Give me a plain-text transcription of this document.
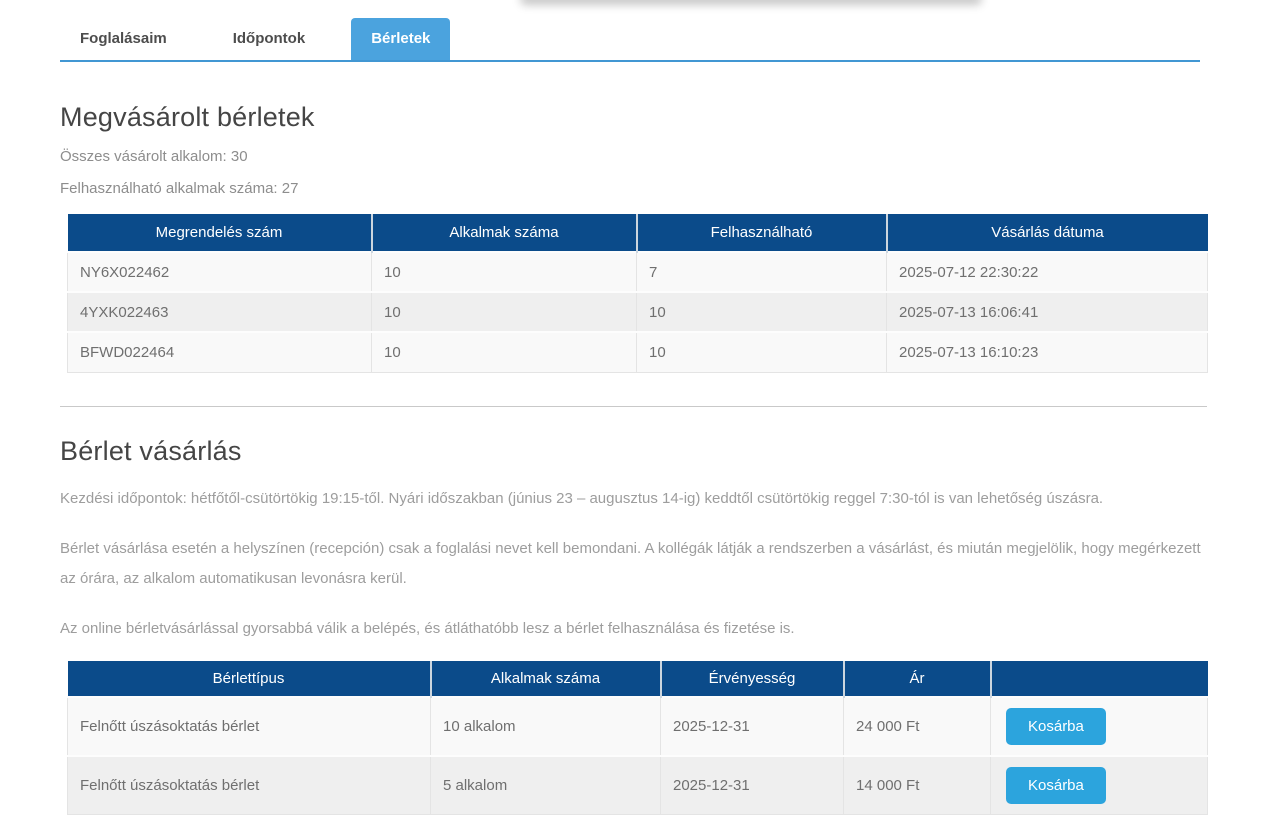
Foglalásaim	Időpontok	Bérletek
Megvásárolt bérletek
Összes vásárolt alkalom: 30
Felhasználható alkalmak száma: 27
Megrendelés szám	Alkalmak száma	Felhasználható	Vásárlás dátuma
NY6X022462	10	7	2025-07-12 22:30:22
4YXK022463	10	10	2025-07-13 16:06:41
BFWD022464	10	10	2025-07-13 16:10:23
Bérlet vásárlás

Kezdési időpontok: hétfőtől-csütörtökig 19:15-től. Nyári időszakban (június 23 – augusztus 14-ig) keddtől csütörtökig reggel 7:30-tól is van lehetőség úszásra.

Bérlet vásárlása esetén a helyszínen (recepción) csak a foglalási nevet kell bemondani. A kollégák látják a rendszerben a vásárlást, és miután megjelölik, hogy megérkezett az órára, az alkalom automatikusan levonásra kerül.

Az online bérletvásárlással gyorsabbá válik a belépés, és átláthatóbb lesz a bérlet felhasználása és fizetése is.

Bérlettípus	Alkalmak száma	Érvényesség	Ár	
Felnőtt úszásoktatás bérlet	10 alkalom	2025-12-31	24 000 Ft	Kosárba
Felnőtt úszásoktatás bérlet	5 alkalom	2025-12-31	14 000 Ft	Kosárba
